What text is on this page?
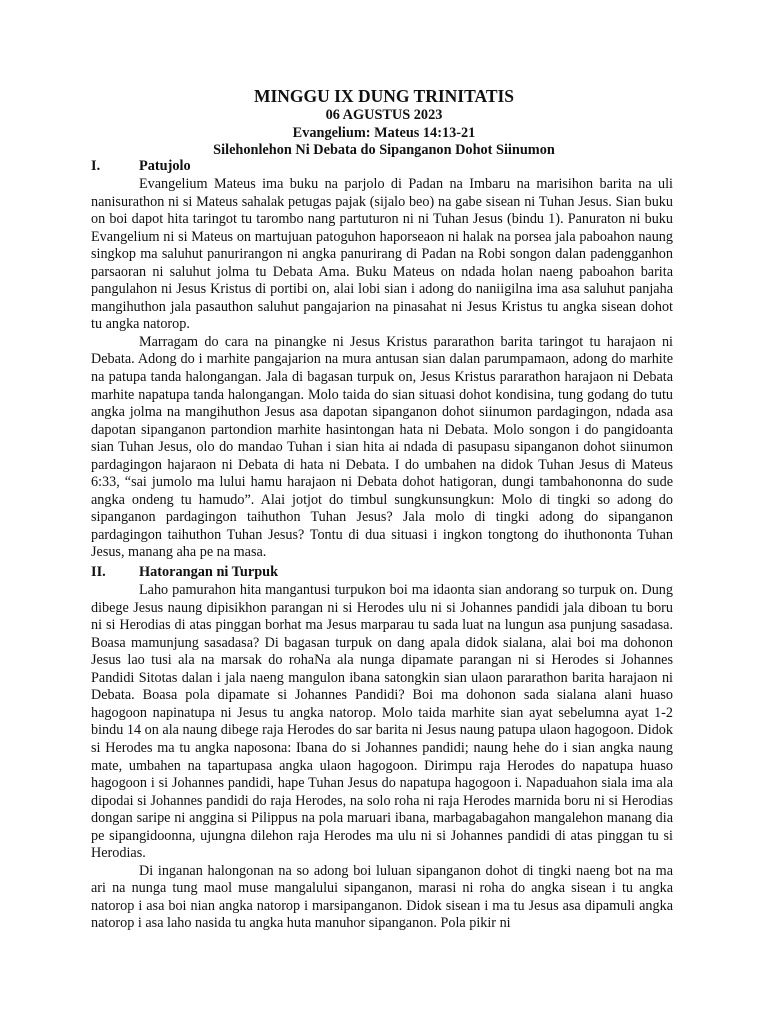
MINGGU IX DUNG TRINITATIS
06 AGUSTUS 2023
Evangelium: Mateus 14:13-21
Silehonlehon Ni Debata do Sipanganon Dohot Siinumon
I.	Patujolo

Evangelium Mateus ima buku na parjolo di Padan na Imbaru na marisihon barita na uli nanisurathon ni si Mateus sahalak petugas pajak (sijalo beo) na gabe sisean ni Tuhan Jesus. Sian buku on boi dapot hita taringot tu tarombo nang partuturon ni ni Tuhan Jesus (bindu 1). Panuraton ni buku Evangelium ni si Mateus on martujuan patoguhon haporseaon ni halak na porsea jala paboahon naung singkop ma saluhut panurirangon ni angka panurirang di Padan na Robi songon dalan padengganhon parsaoran ni saluhut jolma tu Debata Ama. Buku Mateus on ndada holan naeng paboahon barita pangulahon ni Jesus Kristus di portibi on, alai lobi sian i adong do naniigilna ima asa saluhut panjaha mangihuthon jala pasauthon saluhut pangajarion na pinasahat ni Jesus Kristus tu angka sisean dohot tu angka natorop.

Marragam do cara na pinangke ni Jesus Kristus pararathon barita taringot tu harajaon ni Debata. Adong do i marhite pangajarion na mura antusan sian dalan parumpamaon, adong do marhite na patupa tanda halongangan. Jala di bagasan turpuk on, Jesus Kristus pararathon harajaon ni Debata marhite napatupa tanda halongangan. Molo taida do sian situasi dohot kondisina, tung godang do tutu angka jolma na mangihuthon Jesus asa dapotan sipanganon dohot siinumon pardagingon, ndada asa dapotan sipanganon partondion marhite hasintongan hata ni Debata. Molo songon i do pangidoanta sian Tuhan Jesus, olo do mandao Tuhan i sian hita ai ndada di pasupasu sipanganon dohot siinumon pardagingon hajaraon ni Debata di hata ni Debata. I do umbahen na didok Tuhan Jesus di Mateus 6:33, “sai jumolo ma lului hamu harajaon ni Debata dohot hatigoran, dungi tambahononna do sude angka ondeng tu hamudo”. Alai jotjot do timbul sungkunsungkun: Molo di tingki so adong do sipanganon pardagingon taihuthon Tuhan Jesus? Jala molo di tingki adong do sipanganon pardagingon taihuthon Tuhan Jesus? Tontu di dua situasi i ingkon tongtong do ihuthononta Tuhan Jesus, manang aha pe na masa.

II.	Hatorangan ni Turpuk

Laho pamurahon hita mangantusi turpukon boi ma idaonta sian andorang so turpuk on. Dung dibege Jesus naung dipisikhon parangan ni si Herodes ulu ni si Johannes pandidi jala diboan tu boru ni si Herodias di atas pinggan borhat ma Jesus marparau tu sada luat na lungun asa punjung sasadasa. Boasa mamunjung sasadasa? Di bagasan turpuk on dang apala didok sialana, alai boi ma dohonon Jesus lao tusi ala na marsak do rohaNa ala nunga dipamate parangan ni si Herodes si Johannes Pandidi Sitotas dalan i jala naeng mangulon ibana satongkin sian ulaon pararathon barita harajaon ni Debata. Boasa pola dipamate si Johannes Pandidi? Boi ma dohonon sada sialana alani huaso hagogoon napinatupa ni Jesus tu angka natorop. Molo taida marhite sian ayat sebelumna ayat 1-2 bindu 14 on ala naung dibege raja Herodes do sar barita ni Jesus naung patupa ulaon hagogoon. Didok si Herodes ma tu angka naposona: Ibana do si Johannes pandidi; naung hehe do i sian angka naung mate, umbahen na tapartupasa angka ulaon hagogoon. Dirimpu raja Herodes do napatupa huaso hagogoon i si Johannes pandidi, hape Tuhan Jesus do napatupa hagogoon i. Napaduahon siala ima ala dipodai si Johannes pandidi do raja Herodes, na solo roha ni raja Herodes marnida boru ni si Herodias dongan saripe ni anggina si Pilippus na pola maruari ibana, marbagabagahon mangalehon manang dia pe sipangidoonna, ujungna dilehon raja Herodes ma ulu ni si Johannes pandidi di atas pinggan tu si Herodias.

Di inganan halongonan na so adong boi luluan sipanganon dohot di tingki naeng bot na ma ari na nunga tung maol muse mangalului sipanganon, marasi ni roha do angka sisean i tu angka natorop i asa boi nian angka natorop i marsipanganon. Didok sisean i ma tu Jesus asa dipamuli angka natorop i asa laho nasida tu angka huta manuhor sipanganon. Pola pikir ni
